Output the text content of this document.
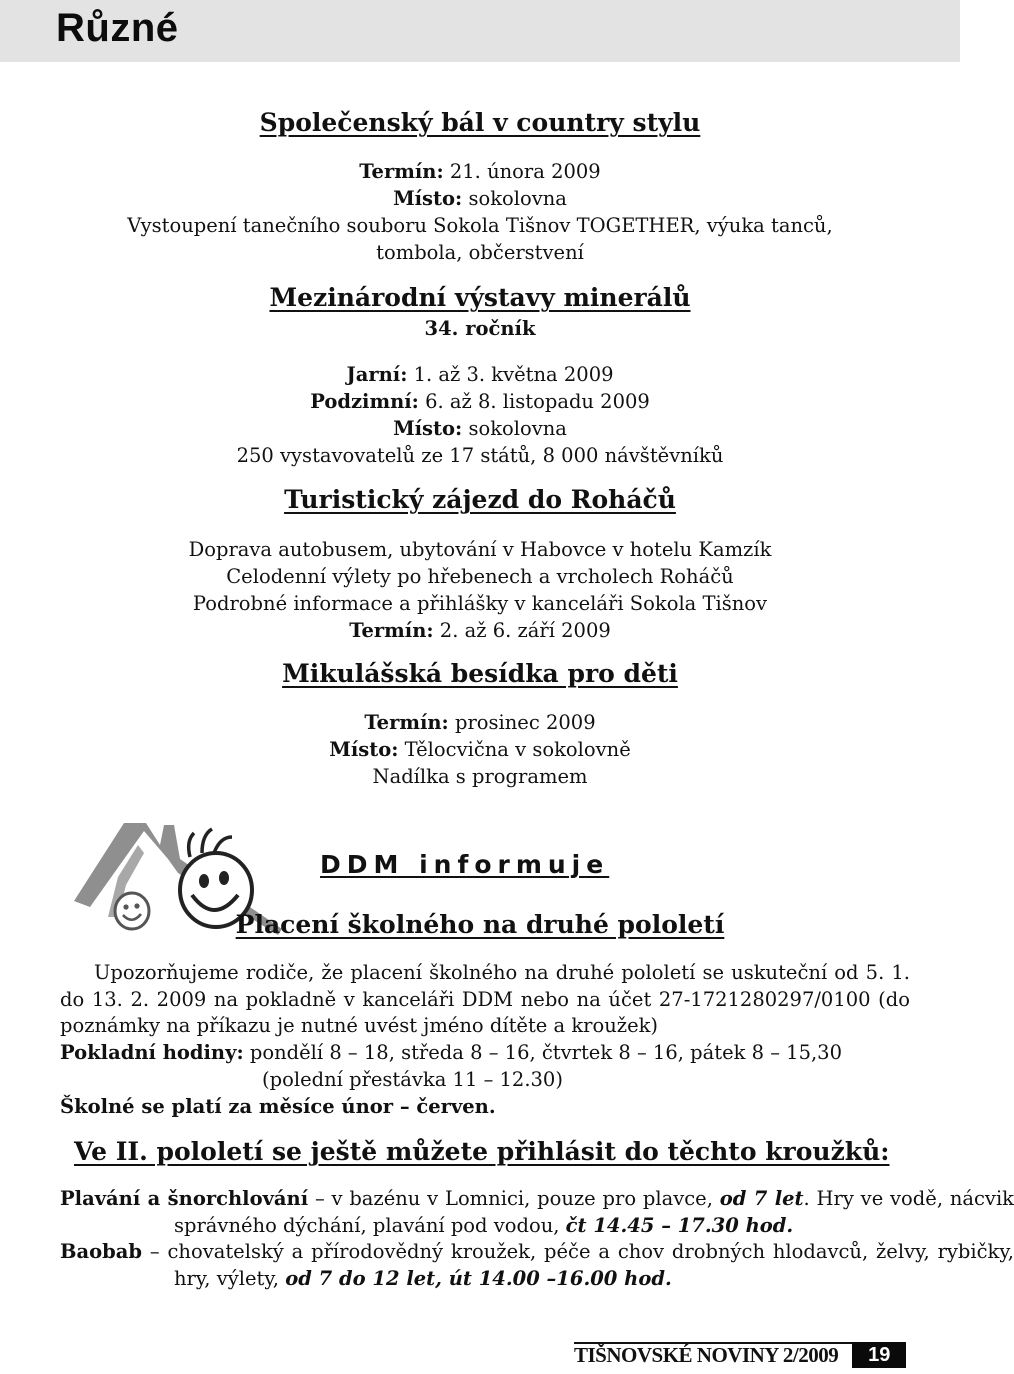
Různé
Společenský bál v country stylu
Termín: 21. února 2009
Místo: sokolovna
Vystoupení tanečního souboru Sokola Tišnov TOGETHER, výuka tanců,
tombola, občerstvení
Mezinárodní výstavy minerálů
34. ročník
Jarní: 1. až 3. května 2009
Podzimní: 6. až 8. listopadu 2009
Místo: sokolovna
250 vystavovatelů ze 17 států, 8 000 návštěvníků
Turistický zájezd do Roháčů
Doprava autobusem, ubytování v Habovce v hotelu Kamzík
Celodenní výlety po hřebenech a vrcholech Roháčů
Podrobné informace a přihlášky v kanceláři Sokola Tišnov
Termín: 2. až 6. září 2009
Mikulášská besídka pro děti
Termín: prosinec 2009
Místo: Tělocvična v sokolovně
Nadílka s programem
DDM informuje
Placení školného na druhé pololetí
Upozorňujeme rodiče, že placení školného na druhé pololetí se uskuteční od 5. 1. do 13. 2. 2009 na pokladně v kanceláři DDM nebo na účet 27-1721280297/0100 (do poznámky na příkazu je nutné uvést jméno dítěte a kroužek)
Pokladní hodiny: pondělí 8 – 18, středa 8 – 16, čtvrtek 8 – 16, pátek 8 – 15,30
(polední přestávka 11 – 12.30)
Školné se platí za měsíce únor – červen.
Ve II. pololetí se ještě můžete přihlásit do těchto kroužků:
Plavání a šnorchlování – v bazénu v Lomnici, pouze pro plavce, od 7 let. Hry ve vodě, nácvik správného dýchání, plavání pod vodou, čt 14.45 – 17.30 hod.
Baobab – chovatelský a přírodovědný kroužek, péče a chov drobných hlodavců, želvy, rybičky, hry, výlety, od 7 do 12 let, út 14.00 –16.00 hod.
TIŠNOVSKÉ NOVINY 2/2009	19
